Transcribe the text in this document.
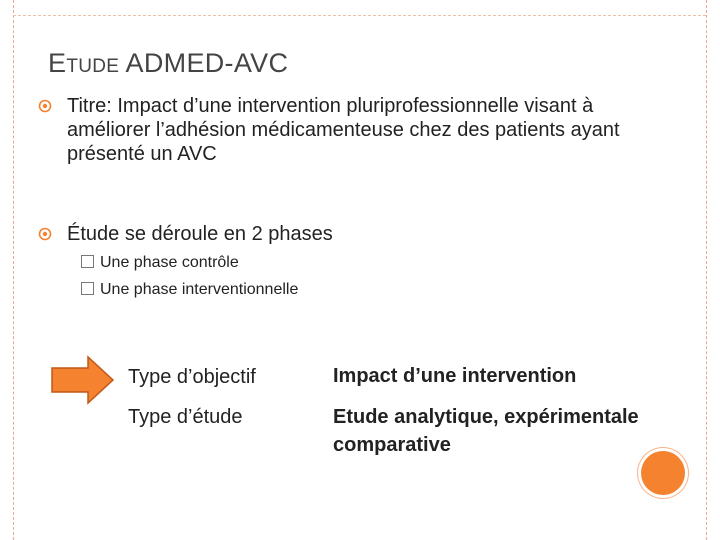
ETUDE ADMED-AVC
Titre: Impact d’une intervention pluriprofessionnelle visant à améliorer l’adhésion médicamenteuse chez des patients ayant présenté un AVC
Étude se déroule en 2 phases
Une phase contrôle
Une phase interventionnelle
Type d’objectif	Impact d’une intervention
Type d’étude	Etude analytique, expérimentale comparative
